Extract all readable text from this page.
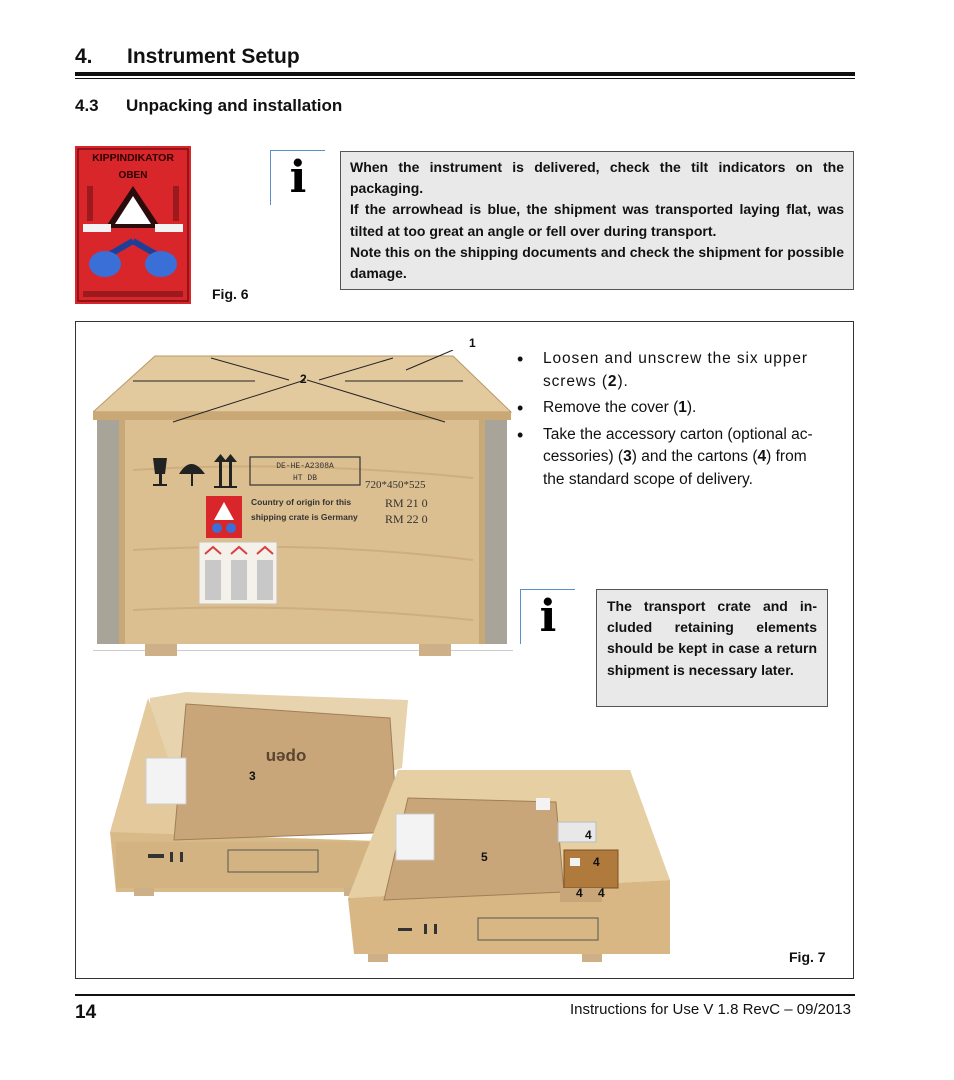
4. Instrument Setup
4.3 Unpacking and installation
KIPPINDIKATOR
OBEN
Fig. 6
i	When the instrument is delivered, check the tilt indicators on the packaging.

If the arrowhead is blue, the shipment was transported laying flat, was tilted at too great an angle or fell over during transport.

Note this on the shipping documents and check the shipment for possible damage.

DE-HE-A2308A
HT DB
720*450*525
Country of origin for this
shipping crate is Germany
RM 21 0
RM 22 0
1
2
• Loosen and unscrew the six upper screws (2).
• Remove the cover (1).
• Take the accessory carton (optional accessories) (3) and the cartons (4) from the standard scope of delivery.
i	The transport crate and included retaining elements should be kept in case a return shipment is necessary later.

open
3
5
4
4
4 4
Fig. 7
14	Instructions for Use V 1.8 RevC – 09/2013
